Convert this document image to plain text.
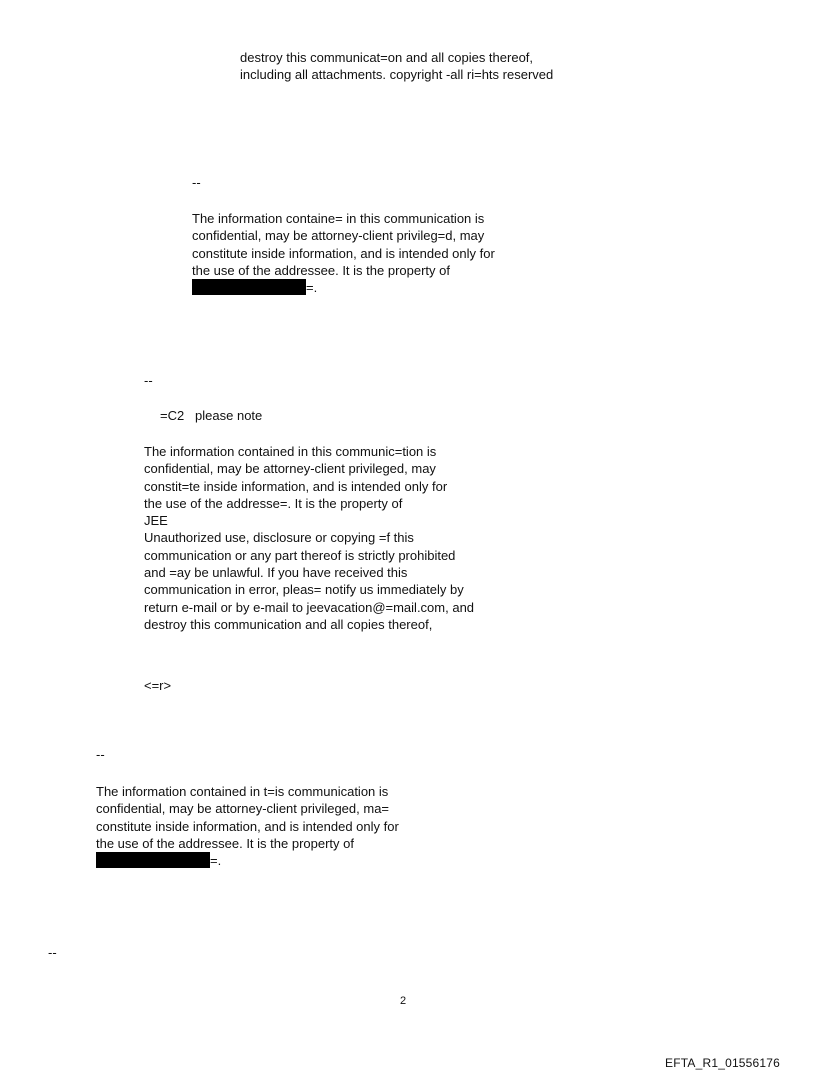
destroy this communicat=on and all copies thereof,
including all attachments. copyright -all ri=hts reserved
--
The information containe= in this communication is
confidential, may be attorney-client privileg=d, may
constitute inside information, and is intended only for
the use of the addressee. It is the property of
=.
--
=C2   please note
The information contained in this communic=tion is
confidential, may be attorney-client privileged, may
constit=te inside information, and is intended only for
the use of the addresse=. It is the property of
JEE
Unauthorized use, disclosure or copying =f this
communication or any part thereof is strictly prohibited
and =ay be unlawful. If you have received this
communication in error, pleas= notify us immediately by
return e-mail or by e-mail to jeevacation@=mail.com, and
destroy this communication and all copies thereof,
<=r>
--
The information contained in t=is communication is
confidential, may be attorney-client privileged, ma=
constitute inside information, and is intended only for
the use of the addressee. It is the property of
=.
--
2
EFTA_R1_01556176
